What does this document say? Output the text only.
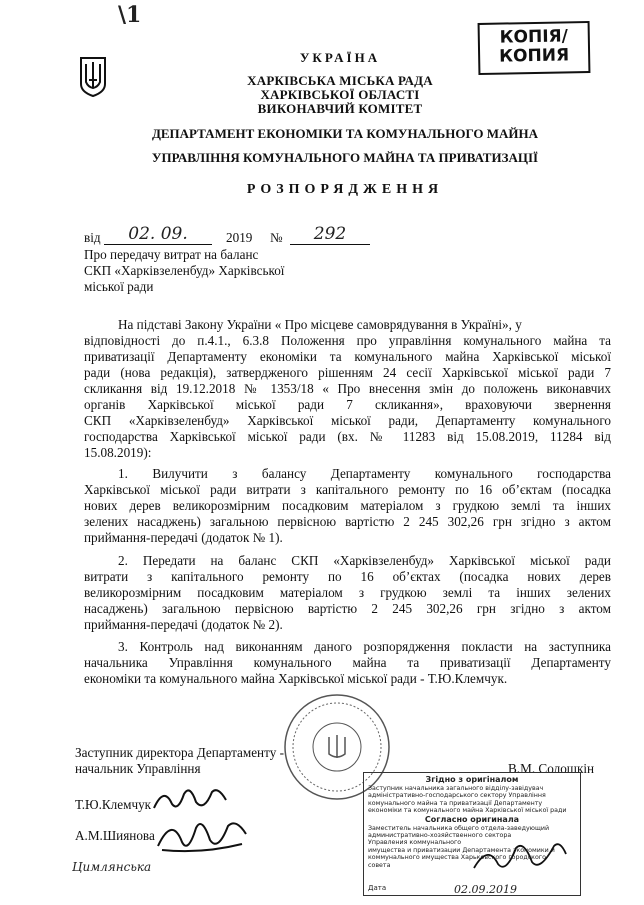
\1
УКРАЇНА
ХАРКІВСЬКА МІСЬКА РАДА
ХАРКІВСЬКОЇ ОБЛАСТІ
ВИКОНАВЧИЙ КОМІТЕТ
ДЕПАРТАМЕНТ ЕКОНОМІКИ ТА КОМУНАЛЬНОГО МАЙНА
УПРАВЛІННЯ КОМУНАЛЬНОГО МАЙНА ТА ПРИВАТИЗАЦІЇ
РОЗПОРЯДЖЕННЯ
КОПІЯ/
КОПИЯ
від	02. 09.	2019 №	292
Про передачу витрат на баланс
СКП «Харківзеленбуд» Харківської
міської ради
На підставі Закону України « Про місцеве самоврядування в Україні», у
відповідності до п.4.1., 6.3.8 Положення про управління комунального майна та
приватизації Департаменту економіки та комунального майна Харківської міської
ради (нова редакція), затвердженого рішенням 24 сесії Харківської міської ради 7
скликання від 19.12.2018 № 1353/18 « Про внесення змін до положень виконавчих
органів Харківської міської ради 7 скликання», враховуючи звернення
СКП «Харківзеленбуд» Харківської міської ради, Департаменту комунального
господарства Харківської міської ради (вх. № 11283 від 15.08.2019, 11284 від
15.08.2019):
1. Вилучити з балансу Департаменту комунального господарства
Харківської міської ради витрати з капітального ремонту по 16 об’єктам (посадка
нових дерев великорозмірним посадковим матеріалом з грудкою землі та інших
зелених насаджень) загальною первісною вартістю 2 245 302,26 грн згідно з актом
приймання-передачі (додаток № 1).
2. Передати на баланс СКП «Харківзеленбуд» Харківської міської ради
витрати з капітального ремонту по 16 об’єктах (посадка нових дерев
великорозмірним посадковим матеріалом з грудкою землі та інших зелених
насаджень) загальною первісною вартістю 2 245 302,26 грн згідно з актом
приймання-передачі (додаток № 2).
3. Контроль над виконанням даного розпорядження покласти на заступника
начальника Управління комунального майна та приватизації Департаменту
економіки та комунального майна Харківської міської ради - Т.Ю.Клемчук.
Заступник директора Департаменту -
начальник Управління	В.М. Солошкін
Т.Ю.Клемчук
А.М.Шиянова
Цимлянська
Згідно з оригіналом
Заступник начальника загального відділу-завідувач
адміністративно-господарського сектору Управління
комунального майна та приватизації Департаменту
економіки та комунального майна Харківської міської ради
Согласно оригинала
Заместитель начальника общего отдела-заведующий
административно-хозяйственного сектора
Управления коммунального
имущества и приватизации Департамента экономики и
коммунального имущества Харьковского городского
совета
Дата	02.09.2019
